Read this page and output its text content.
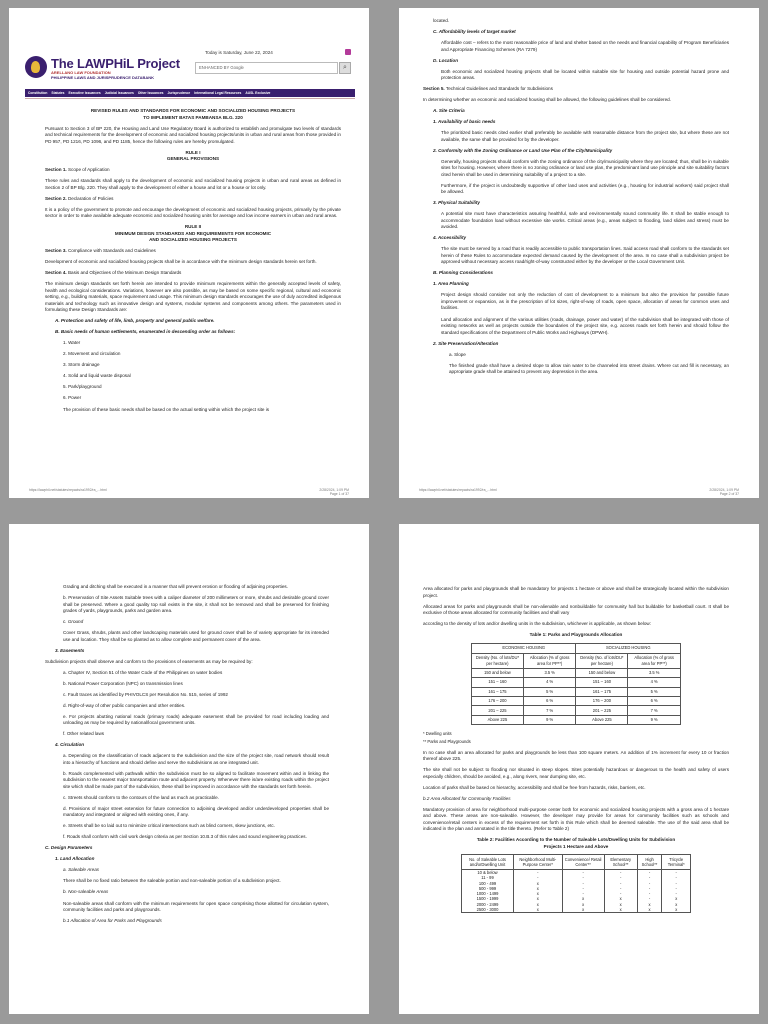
The LAWPHiL Project
ARELLANO LAW FOUNDATION
PHILIPPINE LAWS AND JURISPRUDENCE DATABANK
Today is Saturday, June 22, 2024
ENHANCED BY Google	⌕
Constitution Statutes Executive Issuances Judicial Issuances Other Issuances Jurisprudence International Legal Resources AUSL Exclusive

REVISED RULES AND STANDARDS FOR ECONOMIC AND SOCIALIZED HOUSING PROJECTS

TO IMPLEMENT BATAS PAMBANSA BLG. 220

Pursuant to Section 3 of BP 220, the Housing and Land Use Regulatory Board is authorized to establish and promulgate two levels of standards and technical requirements for the development of economic and socialized housing projects/units in urban and rural areas from those provided in PD 957, PD 1216, PD 1096, and PD 1185, hence the following rules are hereby promulgated.

RULE I

GENERAL PROVISIONS

Section 1. Scope of Application

These rules and standards shall apply to the development of economic and socialized housing projects in urban and rural areas as defined in Section 2 of BP Blg. 220. They shall apply to the development of either a house and lot or a house or lot only.

Section 2. Declaration of Policies

It is a policy of the government to promote and encourage the development of economic and socialized housing projects, primarily by the private sector in order to make available adequate economic and socialized housing units for average and low income earners in urban and rural areas.

RULE II

MINIMUM DESIGN STANDARDS AND REQUIREMENTS FOR ECONOMIC

AND SOCIALIZED HOUSING PROJECTS

Section 3. Compliance with Standards and Guidelines

Development of economic and socialized housing projects shall be in accordance with the minimum design standards herein set forth.

Section 4. Basis and Objectives of the Minimum Design Standards

The minimum design standards set forth herein are intended to provide minimum requirements within the generally accepted levels of safety, health and ecological considerations. Variations, however are also possible, as may be based on some specific regional, cultural and economic setting, e.g., building materials, space requirement and usage. This minimum design standards encourages the use of duly accredited indigenous materials and technology such as innovative design and systems, modular systems and components among others. The parameters used in formulating these Design Standards are:

A. Protection and safety of life, limb, property and general public welfare.

B. Basic needs of human settlements, enumerated in descending order as follows:

1. Water

2. Movement and circulation

3. Storm drainage

4. Solid and liquid waste disposal

5. Park/playground

6. Power

The provision of these basic needs shall be based on the actual setting within which the project site is

https://lawphil.net/statutes/repacts/ra1992/ra_...html	2/28/2024, 1:09 PM
Page 1 of 37

located.

C. Affordability levels of target market

Affordable cost – refers to the most reasonable price of land and shelter based on the needs and financial capability of Program Beneficiaries and Appropriate Financing Schemes (RA 7279)

D. Location

Both economic and socialized housing projects shall be located within suitable site for housing and outside potential hazard prone and protection areas.

Section 5. Technical Guidelines and Standards for Subdivisions

In determining whether an economic and socialized housing shall be allowed, the following guidelines shall be considered.

A. Site Criteria

1. Availability of basic needs

The prioritized basic needs cited earlier shall preferably be available with reasonable distance from the project site, but where these are not available, the same shall be provided for by the developer.

2. Conformity with the Zoning Ordinance or Land Use Plan of the City/Municipality

Generally, housing projects should conform with the zoning ordinance of the city/municipality where they are located; thus, shall be in suitable sites for housing. However, where there is no zoning ordinance or land use plan, the predominant land use principle and site suitability factors cited herein shall be used in determining suitability of a project to a site.

Furthermore, if the project is undoubtedly supportive of other land uses and activities (e.g., housing for industrial workers) said project shall be allowed.

3. Physical Suitability

A potential site must have characteristics assuring healthful, safe and environmentally sound community life. It shall be stable enough to accommodate foundation load without excessive site works. Critical areas (e.g., areas subject to flooding, land slides and stress) must be avoided.

4. Accessibility

The site must be served by a road that is readily accessible to public transportation lines. Said access road shall conform to the standards set herein of these Rules to accommodate expected demand caused by the development of the area. In no case shall a subdivision project be approved without necessary access road/right-of-way constructed either by the developer or the Local Government Unit.

B. Planning Considerations

1. Area Planning

Project design should consider not only the reduction of cost of development to a minimum but also the provision for possible future improvement or expansion, as in the prescription of lot sizes, right-of-way of roads, open space, allocation of areas for common uses and facilities.

Land allocation and alignment of the various utilities (roads, drainage, power and water) of the subdivision shall be integrated with those of existing networks as well as projects outside the boundaries of the project site, e.g. access roads set forth herein and should follow the standard specifications of the Department of Public Works and Highways (DPWH).

2. Site Preservation/Alteration

a. Slope

The finished grade shall have a desired slope to allow rain water to be channeled into street drains. Where cut and fill is necessary, an appropriate grade shall be attained to prevent any depression in the area.

https://lawphil.net/statutes/repacts/ra1992/ra_...html	2/28/2024, 1:09 PM
Page 2 of 37

Grading and ditching shall be executed in a manner that will prevent erosion or flooding of adjoining properties.

b. Preservation of Site Assets Suitable trees with a caliper diameter of 200 millimeters or more, shrubs and desirable ground cover shall be preserved. Where a good quality top soil exists in the site, it shall not be removed and shall be preserved for finishing grades of yards, playgrounds, parks and garden area.

c. Ground

Cover Grass, shrubs, plants and other landscaping materials used for ground cover shall be of variety appropriate for its intended use and location. They shall be so planted as to allow complete and permanent cover of the area.

3. Easements

Subdivision projects shall observe and conform to the provisions of easements as may be required by:

a. Chapter IV, Section 51 of the Water Code of the Philippines on water bodies

b. National Power Corporation (NPC) on transmission lines

c. Fault traces as identified by PHIVOLCS per Resolution No. 515, series of 1992

d. Right-of-way of other public companies and other entities.

e. For projects abutting national roads (primary roads) adequate easement shall be provided for road including loading and unloading as may be required by national/local government units.

f. Other related laws

4. Circulation

a. Depending on the classification of roads adjacent to the subdivision and the size of the project site, road network should result into a hierarchy of functions and should define and serve the subdivisions as one integrated unit.

b. Roads complemented with pathwalk within the subdivision must be so aligned to facilitate movement within and in linking the subdivision to the nearest major transportation route and adjacent property. Whenever there is/are existing roads within the project site which shall be made part of the subdivision, these shall be improved in accordance with the standards set forth herein.

c. Streets should conform to the contours of the land as much as practicable.

d. Provisions of major street extension for future connection to adjoining developed and/or underdeveloped properties shall be mandatory and integrated or aligned with existing ones, if any.

e. Streets shall be so laid out to minimize critical intersections such as blind corners, skew junctions, etc.

f. Roads shall conform with civil work design criteria as per Section 10.B.3 of this rules and sound engineering practices.

C. Design Parameters

1. Land Allocation

a. Saleable Areas

There shall be no fixed ratio between the saleable portion and non-saleable portion of a subdivision project.

b. Non-saleable Areas

Non-saleable areas shall conform with the minimum requirements for open space comprising those allotted for circulation system, community facilities and parks and playgrounds.

b.1 Allocation of Area for Parks and Playgrounds

Area allocated for parks and playgrounds shall be mandatory for projects 1 hectare or above and shall be strategically located within the subdivision project.

Allocated areas for parks and playgrounds shall be non-alienable and nonbuildable for community hall but buildable for basketball court. It shall be exclusive of those areas allocated for community facilities and shall vary

according to the density of lots and/or dwelling units in the subdivision, whichever is applicable, as shown below:

Table 1: Parks and Playgrounds Allocation

ECONOMIC HOUSING		SOCIALIZED HOUSING	
Density (No. of lots/DU* per hectare)	Allocation (% of gross area for PP**)	Density (No. of lots/DU* per hectare)	Allocation (% of gross area for PP**)
150 and below	3.5 %	150 and below	3.5 %
151 – 160	4 %	151 – 160	4 %
161 – 175	5 %	161 – 175	5 %
176 – 200	6 %	176 – 200	6 %
201 – 225	7 %	201 – 225	7 %
Above 225	9 %	Above 225	9 %

* Dwelling units

** Parks and Playgrounds

In no case shall an area allocated for parks and playgrounds be less than 100 square meters. An addition of 1% increment for every 10 or fraction thereof above 225.

The site shall not be subject to flooding nor situated in steep slopes. Sites potentially hazardous or dangerous to the health and safety of users especially children, should be avoided, e.g., along rivers, near dumping site, etc.

Location of parks shall be based on hierarchy, accessibility and shall be free from hazards, risks, barriers, etc.

b.2 Area Allocated for Community Facilities

Mandatory provision of area for neighborhood multi-purpose center both for economic and socialized housing projects with a gross area of 1 hectare and above. These areas are non-saleable. However, the developer may provide for areas for community facilities such as schools and convenience/retail centers in excess of the requirement set forth in this Rule which shall be deemed saleable. The use of the said area shall be indicated in the plan and annotated in the title thereto. (Refer to Table 2)

Table 2: Facilities According to the Number of Saleable Lots/Dwelling Units for Subdivision

Projects 1 Hectare and Above

No. of Saleable Lots and/orDwelling Unit	Neighborhood Multi-Purpose Center*	Convenience/ Retail Center**	Elementary School**	High School**	Tricycle Terminal*
10 & below	-	-	-	-	-
11 - 99	-	-	-	-	-
100 - 499	x	-	-	-	-
500 - 999	x	-	-	-	-
1000 - 1499	x	-	-	-	-
1500 - 1999	x	x	x	-	x
2000 - 2499	x	x	x	x	x
2500 - 3000	x	x	x	x	x
